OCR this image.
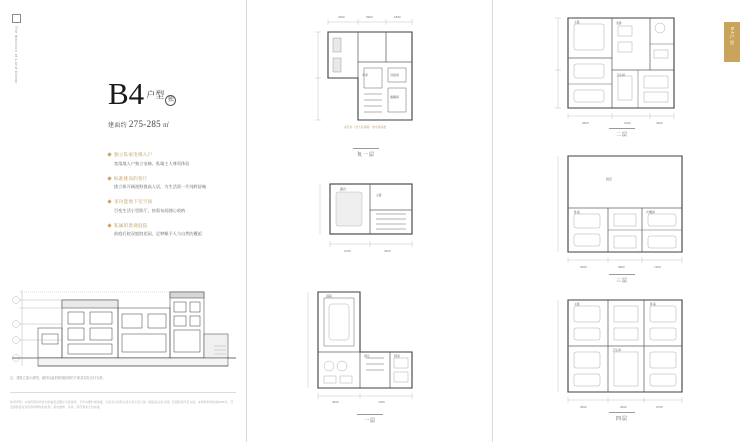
The Mansion of Land·Ocean
B4 户型 独
建面约 275-285 ㎡
独立私家电梯入户
宽落地入户独立电梯，私属主人尊贵体验
标准挑高的客厅
挑立体开阔视野挑高人居，为生活留一片纯粹舒畅
多功能地下室空间
百变生活小型影厅，按需布局随心收纳
私属的景观庭院
前庭后院双庭院花园，足够赋予人与自然的邂逅
注：建筑立面示意图，最终以政府规划批准的方案及实际交付为准。
免责声明：本宣传资料所发布的信息及图片仅供参考，不作为要约或承诺，买卖双方权利义务以双方签订的《商品房买卖合同》及其附件约定为准。本资料制作时间2021年，开发商保留对宣传资料修改的权利。室内装修、家具、陈设等非交付标准。
3300	3900	1800
车库	设备间
储藏间
采光井（含下沉庭院）非交付标准
负一层
2700	3300
露台
主卧
3600	7200
庭院
客厅	厨房
一层
3600	2100	4200
主卧	次卧
卫生间
二层
3300	3900	7200
挑空
卧室	衣帽间
三层
3600	3300	2700
主卧	卧室
卫生间
四层
B4户型
